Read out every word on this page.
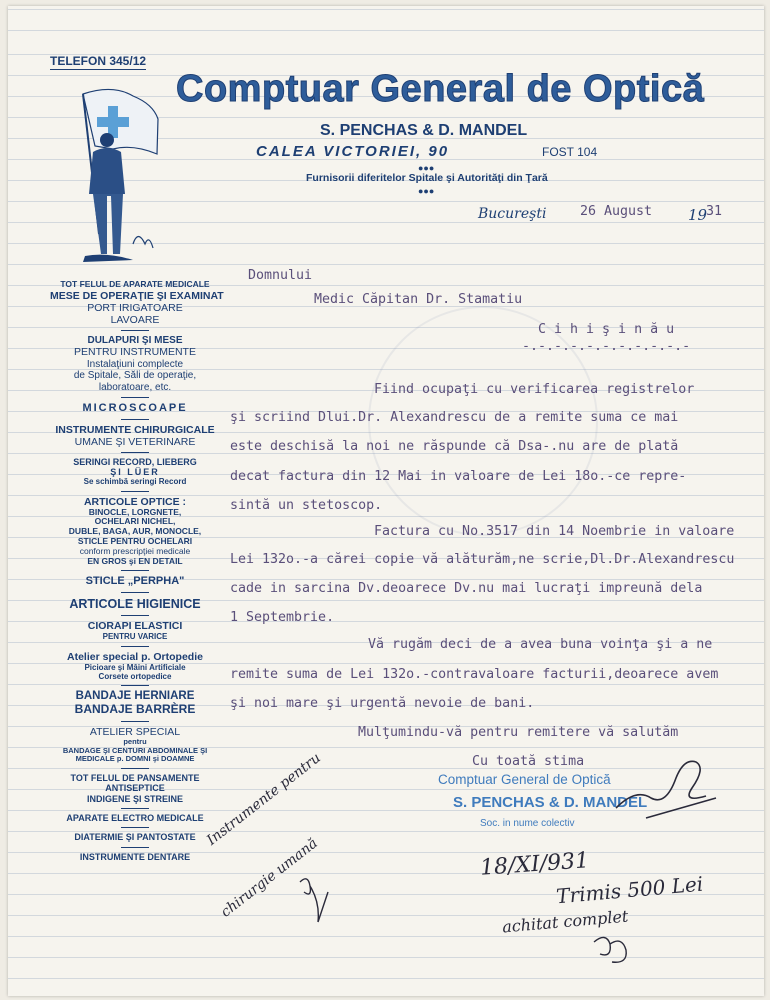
TELEFON 345/12
Comptuar General de Optică
S. PENCHAS & D. MANDEL
CALEA VICTORIEI, 90	FOST 104
●●●
Furnisorii diferitelor Spitale şi Autorităţi din Ţară
●●●
Bucureşti	26 August 19
31
TOT FELUL DE APARATE MEDICALE
MESE DE OPERAŢIE ŞI EXAMINAT
PORT IRIGATOARE
LAVOARE
DULAPURI ŞI MESE
PENTRU INSTRUMENTE
Instalaţiuni complecte
de Spitale, Săli de operaţie,
laboratoare, etc.
MICROSCOAPE
INSTRUMENTE CHIRURGICALE
UMANE ŞI VETERINARE
SERINGI RECORD, LIEBERG
ŞI LÜER
Se schimbă seringi Record
ARTICOLE OPTICE :
BINOCLE, LORGNETE,
OCHELARI NICHEL,
DUBLE, BAGA, AUR, MONOCLE,
STICLE PENTRU OCHELARI
conform prescripţiei medicale
EN GROS şi EN DETAIL
STICLE „PERPHA"
ARTICOLE HIGIENICE
CIORAPI ELASTICI
PENTRU VARICE
Atelier special p. Ortopedie
Picioare şi Mâini Artificiale
Corsete ortopedice
BANDAJE HERNIARE
BANDAJE BARRÈRE
ATELIER SPECIAL
pentru
BANDAGE ŞI CENTURI ABDOMINALE ŞI
MEDICALE p. DOMNI şi DOAMNE
TOT FELUL DE PANSAMENTE
ANTISEPTICE
INDIGENE ŞI STREINE
APARATE ELECTRO MEDICALE
DIATERMIE ŞI PANTOSTATE
INSTRUMENTE DENTARE
Domnului
Medic Căpitan Dr. Stamatiu
C i h i ş i n ă u
-.-.-.-.-.-.-.-.-.-.-
Fiind ocupaţi cu verificarea registrelor
şi scriind Dlui.Dr. Alexandrescu de a remite suma ce mai
este deschisă la noi ne răspunde că Dsa-.nu are de plată
decat factura din 12 Mai in valoare de Lei 18o.-ce repre-
sintă un stetoscop.
Factura cu No.3517 din 14 Noembrie in valoare
Lei 132o.-a cărei copie vă alăturăm,ne scrie,Dl.Dr.Alexandrescu
cade in sarcina Dv.deoarece Dv.nu mai lucraţi impreună dela
1 Septembrie.
Vă rugăm deci de a avea buna voinţa şi a ne
remite suma de Lei 132o.-contravaloare facturii,deoarece avem
şi noi mare şi urgentă nevoie de bani.
Mulţumindu-vă pentru remitere vă salutăm
Cu toată stima
Comptuar General de Optică
S. PENCHAS & D. MANDEL
Soc. in nume colectiv
Instrumente pentru
chirurgie umană	18/XI/931
Trimis 500 Lei
achitat complet
